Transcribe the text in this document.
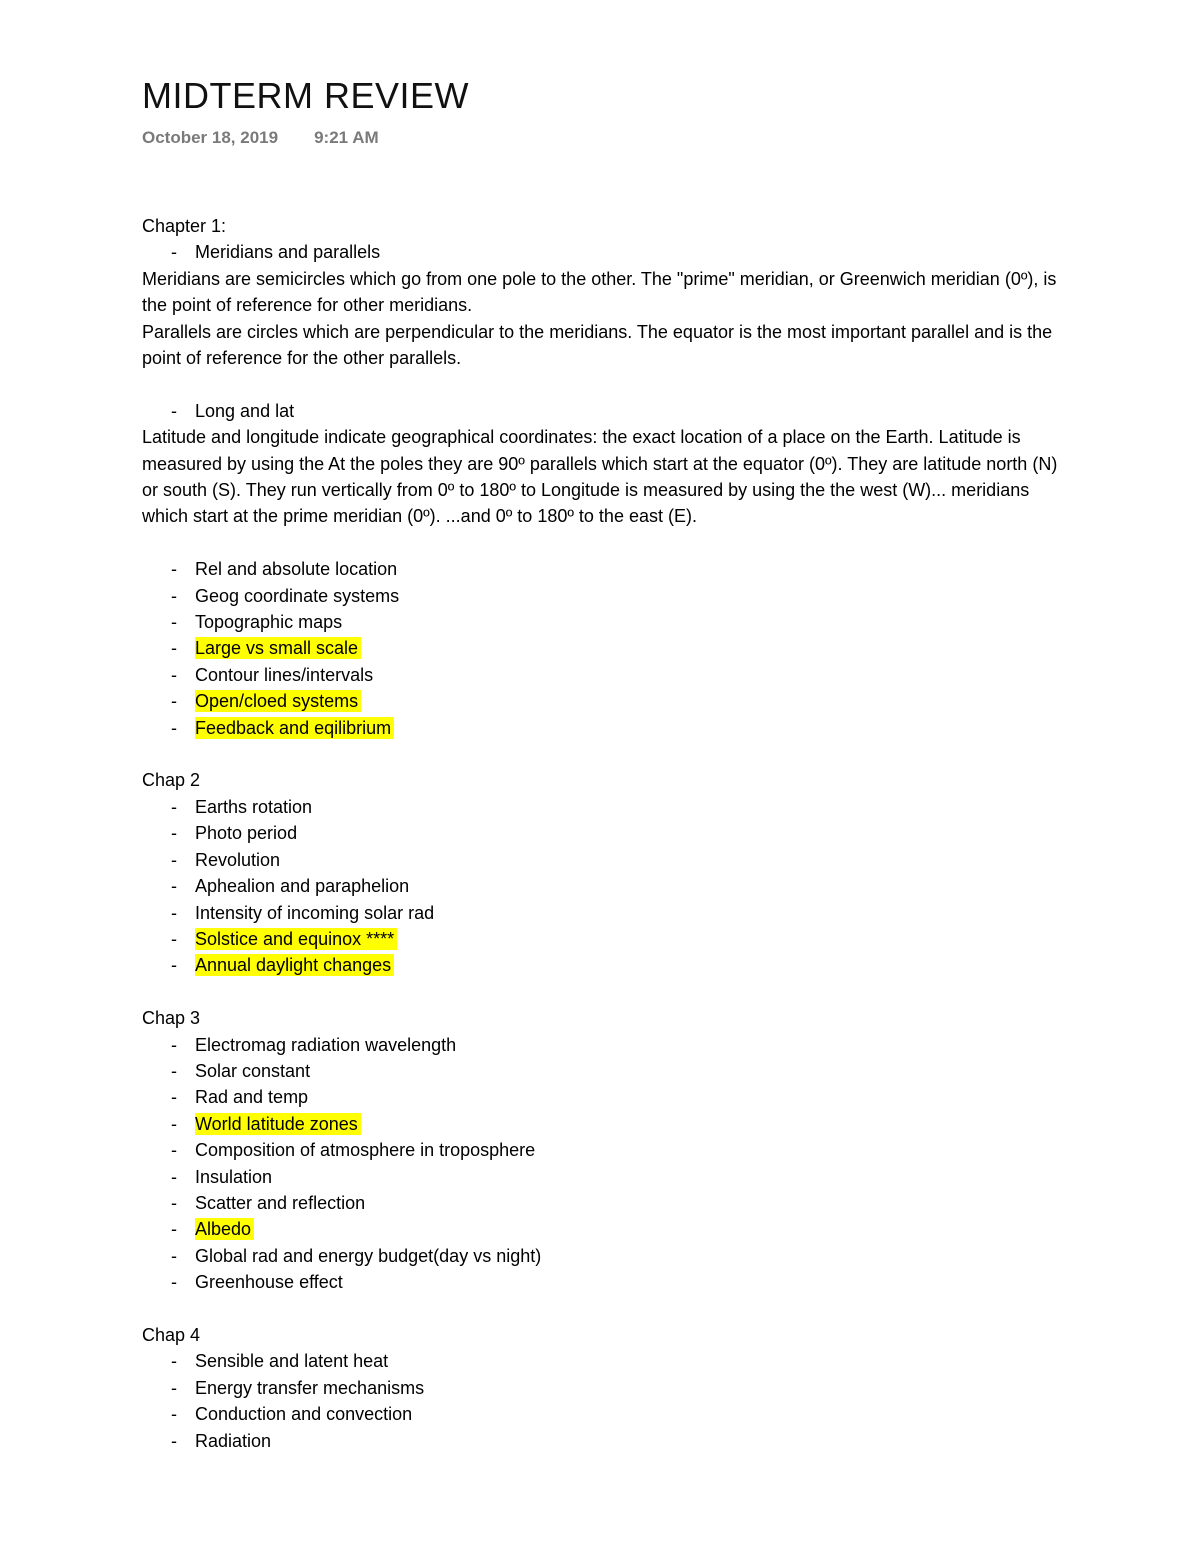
MIDTERM REVIEW
October 18, 2019 9:21 AM

Chapter 1:

- Meridians and parallels

Meridians are semicircles which go from one pole to the other. The "prime" meridian, or Greenwich meridian (0º), is the point of reference for other meridians.

Parallels are circles which are perpendicular to the meridians. The equator is the most important parallel and is the point of reference for the other parallels.

- Long and lat

Latitude and longitude indicate geographical coordinates: the exact location of a place on the Earth. Latitude is measured by using the At the poles they are 90º parallels which start at the equator (0º). They are latitude north (N) or south (S). They run vertically from 0º to 180º to Longitude is measured by using the the west (W)... meridians which start at the prime meridian (0º). ...and 0º to 180º to the east (E).

- Rel and absolute location
- Geog coordinate systems
- Topographic maps
- Large vs small scale
- Contour lines/intervals
- Open/cloed systems
- Feedback and eqilibrium

Chap 2

- Earths rotation
- Photo period
- Revolution
- Aphealion and paraphelion
- Intensity of incoming solar rad
- Solstice and equinox ****
- Annual daylight changes

Chap 3

- Electromag radiation wavelength
- Solar constant
- Rad and temp
- World latitude zones
- Composition of atmosphere in troposphere
- Insulation
- Scatter and reflection
- Albedo
- Global rad and energy budget(day vs night)
- Greenhouse effect

Chap 4

- Sensible and latent heat
- Energy transfer mechanisms
- Conduction and convection
- Radiation
